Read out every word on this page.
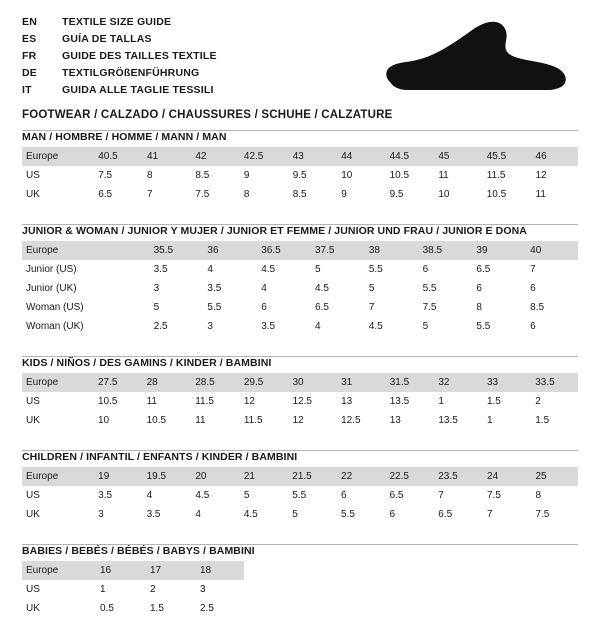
EN	TEXTILE SIZE GUIDE
ES	GUÍA DE TALLAS
FR	GUIDE DES TAILLES TEXTILE
DE	TEXTILGRÖßENFÜHRUNG
IT	GUIDA ALLE TAGLIE TESSILI
FOOTWEAR / CALZADO / CHAUSSURES / SCHUHE / CALZATURE
MAN / HOMBRE / HOMME / MANN / MAN
Europe	40.5	41	42	42.5	43	44	44.5	45	45.5	46
US	7.5	8	8.5	9	9.5	10	10.5	11	11.5	12
UK	6.5	7	7.5	8	8.5	9	9.5	10	10.5	11
JUNIOR & WOMAN / JUNIOR Y MUJER / JUNIOR ET FEMME / JUNIOR UND FRAU / JUNIOR E DONA
Europe		35.5	36	36.5	37.5	38	38.5	39	40
Junior (US)		3.5	4	4.5	5	5.5	6	6.5	7
Junior (UK)		3	3.5	4	4.5	5	5.5	6	6
Woman (US)		5	5.5	6	6.5	7	7.5	8	8.5
Woman (UK)		2.5	3	3.5	4	4.5	5	5.5	6
KIDS / NIÑOS / DES GAMINS / KINDER / BAMBINI
Europe	27.5	28	28.5	29.5	30	31	31.5	32	33	33.5
US	10.5	11	11.5	12	12.5	13	13.5	1	1.5	2
UK	10	10.5	11	11.5	12	12.5	13	13.5	1	1.5
CHILDREN / INFANTIL / ENFANTS / KINDER / BAMBINI
Europe	19	19.5	20	21	21.5	22	22.5	23.5	24	25
US	3.5	4	4.5	5	5.5	6	6.5	7	7.5	8
UK	3	3.5	4	4.5	5	5.5	6	6.5	7	7.5
BABIES / BEBÉS / BÉBÉS / BABYS / BAMBINI
Europe	16	17	18
US	1	2	3
UK	0.5	1.5	2.5
